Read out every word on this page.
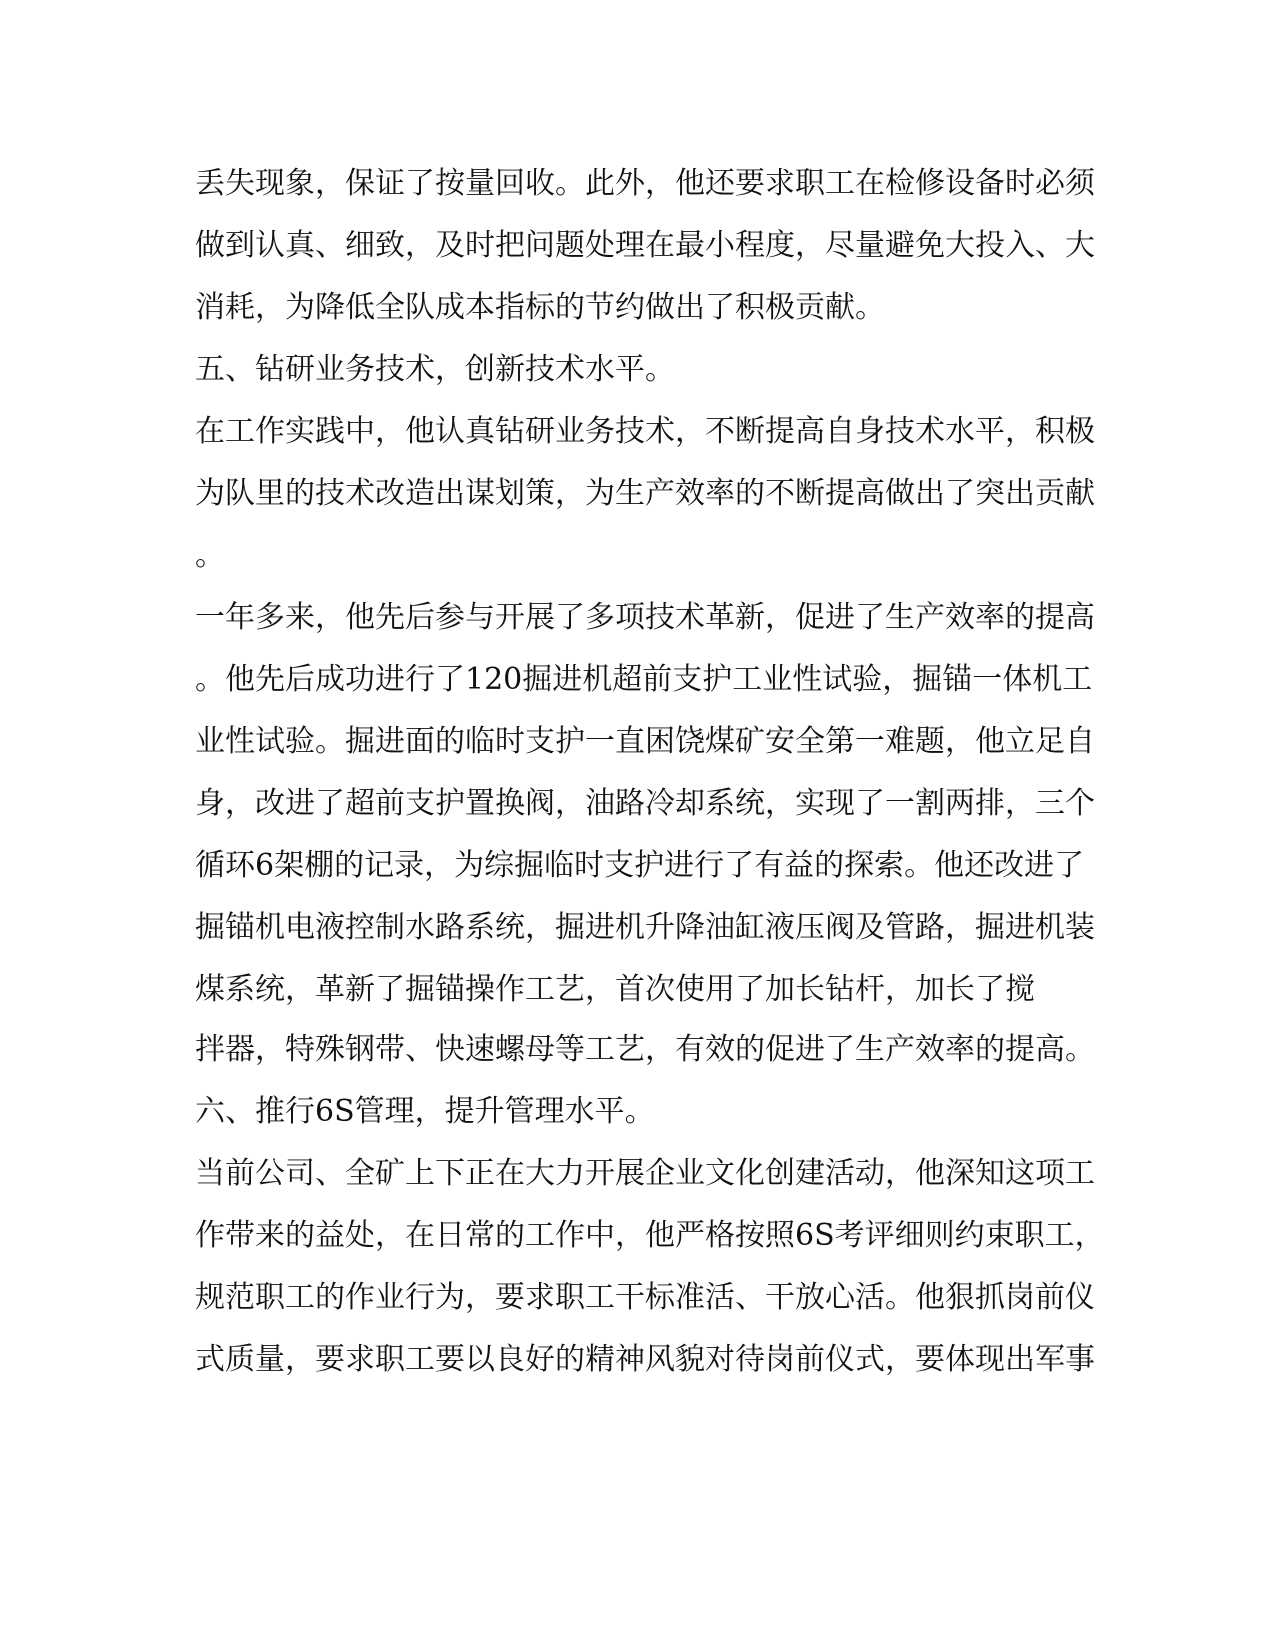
丢失现象，保证了按量回收。此外，他还要求职工在检修设备时必须
做到认真、细致，及时把问题处理在最小程度，尽量避免大投入、大
消耗，为降低全队成本指标的节约做出了积极贡献。
五、钻研业务技术，创新技术水平。
在工作实践中，他认真钻研业务技术，不断提高自身技术水平，积极
为队里的技术改造出谋划策，为生产效率的不断提高做出了突出贡献
。
一年多来，他先后参与开展了多项技术革新，促进了生产效率的提高
。他先后成功进行了120掘进机超前支护工业性试验，掘锚一体机工
业性试验。掘进面的临时支护一直困饶煤矿安全第一难题，他立足自
身，改进了超前支护置换阀，油路冷却系统，实现了一割两排，三个
循环6架棚的记录，为综掘临时支护进行了有益的探索。他还改进了
掘锚机电液控制水路系统，掘进机升降油缸液压阀及管路，掘进机装
煤系统，革新了掘锚操作工艺，首次使用了加长钻杆，加长了搅
拌器，特殊钢带、快速螺母等工艺，有效的促进了生产效率的提高。
六、推行6S管理，提升管理水平。
当前公司、全矿上下正在大力开展企业文化创建活动，他深知这项工
作带来的益处，在日常的工作中，他严格按照6S考评细则约束职工，
规范职工的作业行为，要求职工干标准活、干放心活。他狠抓岗前仪
式质量，要求职工要以良好的精神风貌对待岗前仪式，要体现出军事
